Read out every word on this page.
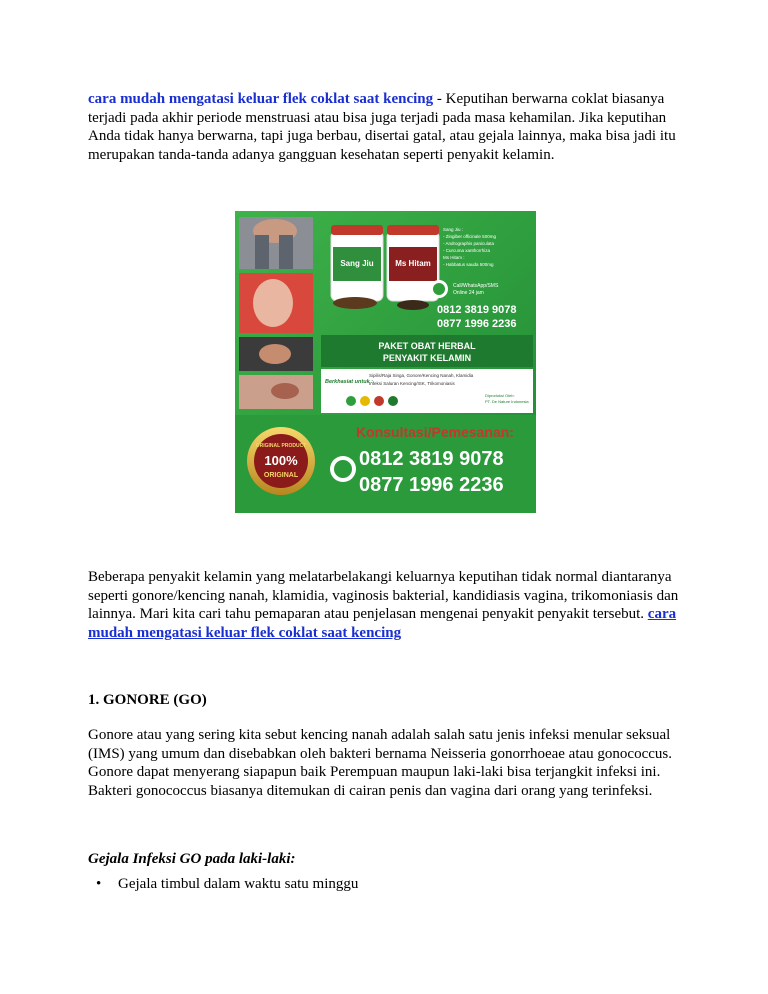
cara mudah mengatasi keluar flek coklat saat kencing - Keputihan berwarna coklat biasanya terjadi pada akhir periode menstruasi atau bisa juga terjadi pada masa kehamilan. Jika keputihan Anda tidak hanya berwarna, tapi juga berbau, disertai gatal, atau gejala lainnya, maka bisa jadi itu merupakan tanda-tanda adanya gangguan kesehatan seperti penyakit kelamin.

Beberapa penyakit kelamin yang melatarbelakangi keluarnya keputihan tidak normal diantaranya seperti gonore/kencing nanah, klamidia, vaginosis bakterial, kandidiasis vagina, trikomoniasis dan lainnya. Mari kita cari tahu pemaparan atau penjelasan mengenai penyakit penyakit tersebut. cara mudah mengatasi keluar flek coklat saat kencing

1. GONORE (GO)

Gonore atau yang sering kita sebut kencing nanah adalah salah satu jenis infeksi menular seksual (IMS) yang umum dan disebabkan oleh bakteri bernama Neisseria gonorrhoeae atau gonococcus. Gonore dapat menyerang siapapun baik Perempuan maupun laki-laki bisa terjangkit infeksi ini. Bakteri gonococcus biasanya ditemukan di cairan penis dan vagina dari orang yang terinfeksi.

Gejala Infeksi GO pada laki-laki:
• Gejala timbul dalam waktu satu minggu
Sang Jiu	Ms Hitam
Sang Jiu :
- Zingiber officinale 500mg
- Andrographis paniculata
- Curcuma xanthorrhiza
Ms Hitam :
- Habbatus sauda 500mg
Call/WhatsApp/SMS
Online 24 jam
0812 3819 9078
0877 1996 2236
PAKET OBAT HERBAL
PENYAKIT KELAMIN
Berkhasiat untuk :
Sipilis/Raja Singa, Gonore/Kencing Nanah, Klamidia
Infeksi Saluran Kencing/ISK, Trikomoniasis
Diproduksi Oleh:
PT. De Nature Indonesia
Konsultasi/Pemesanan:
0812 3819 9078
0877 1996 2236
ORIGINAL PRODUCT
100%
ORIGINAL
